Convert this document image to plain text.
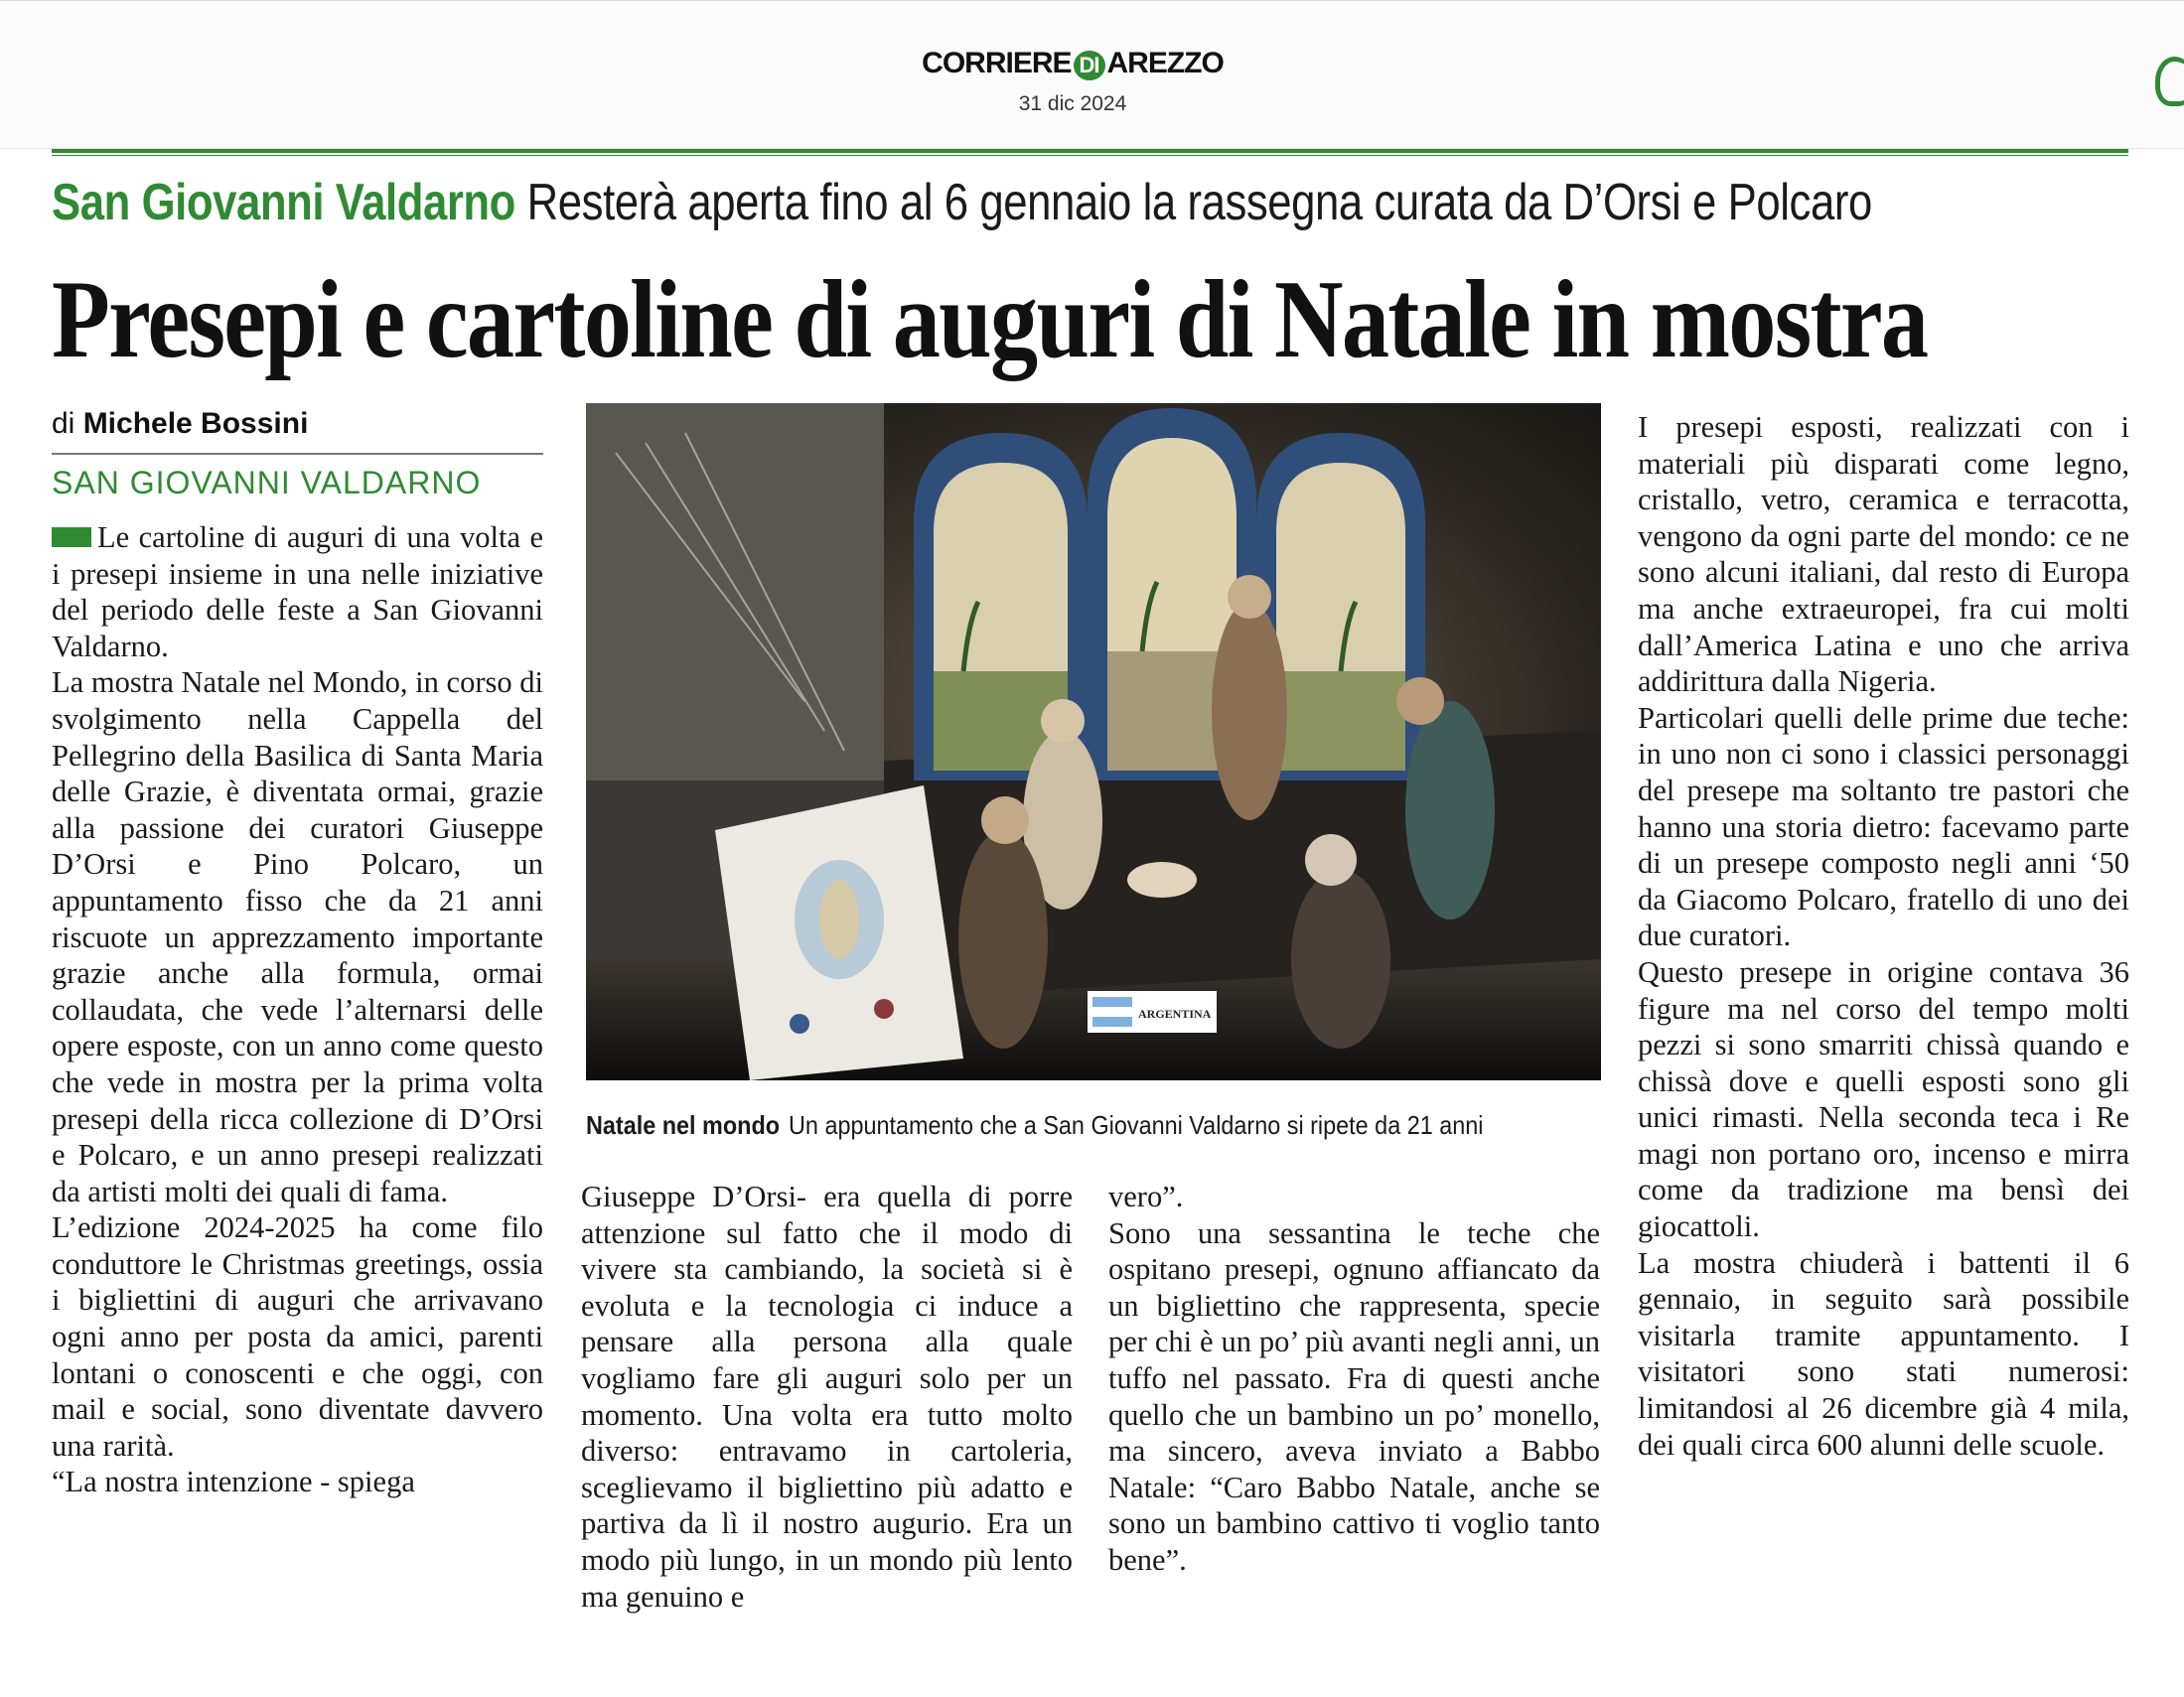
CORRIERE DI AREZZO
31 dic 2024
San Giovanni Valdarno Resterà aperta fino al 6 gennaio la rassegna curata da D’Orsi e Polcaro
Presepi e cartoline di auguri di Natale in mostra
di Michele Bossini
SAN GIOVANNI VALDARNO

Le cartoline di auguri di una volta e i presepi insieme in una nelle iniziative del periodo delle feste a San Giovanni Valdarno.

La mostra Natale nel Mondo, in corso di svolgimento nella Cappella del Pellegrino della Basilica di Santa Maria delle Grazie, è diventata ormai, grazie alla passione dei curatori Giuseppe D’Orsi e Pino Polcaro, un appuntamento fisso che da 21 anni riscuote un apprezzamento importante grazie anche alla formula, ormai collaudata, che vede l’alternarsi delle opere esposte, con un anno come questo che vede in mostra per la prima volta presepi della ricca collezione di D’Orsi e Polcaro, e un anno presepi realizzati da artisti molti dei quali di fama.

L’edizione 2024-2025 ha come filo conduttore le Christmas greetings, ossia i bigliettini di auguri che arrivavano ogni anno per posta da amici, parenti lontani o conoscenti e che oggi, con mail e social, sono diventate davvero una rarità.

“La nostra intenzione - spiega

ARGENTINA
Natale nel mondo Un appuntamento che a San Giovanni Valdarno si ripete da 21 anni

Giuseppe D’Orsi- era quella di porre attenzione sul fatto che il modo di vivere sta cambiando, la società si è evoluta e la tecnologia ci induce a pensare alla persona alla quale vogliamo fare gli auguri solo per un momento. Una volta era tutto molto diverso: entravamo in cartoleria, sceglievamo il bigliettino più adatto e partiva da lì il nostro augurio. Era un modo più lungo, in un mondo più lento ma genuino e

vero”.

Sono una sessantina le teche che ospitano presepi, ognuno affiancato da un bigliettino che rappresenta, specie per chi è un po’ più avanti negli anni, un tuffo nel passato. Fra di questi anche quello che un bambino un po’ monello, ma sincero, aveva inviato a Babbo Natale: “Caro Babbo Natale, anche se sono un bambino cattivo ti voglio tanto bene”.

I presepi esposti, realizzati con i materiali più disparati come legno, cristallo, vetro, ceramica e terracotta, vengono da ogni parte del mondo: ce ne sono alcuni italiani, dal resto di Europa ma anche extraeuropei, fra cui molti dall’America Latina e uno che arriva addirittura dalla Nigeria.

Particolari quelli delle prime due teche: in uno non ci sono i classici personaggi del presepe ma soltanto tre pastori che hanno una storia dietro: facevamo parte di un presepe composto negli anni ‘50 da Giacomo Polcaro, fratello di uno dei due curatori.

Questo presepe in origine contava 36 figure ma nel corso del tempo molti pezzi si sono smarriti chissà quando e chissà dove e quelli esposti sono gli unici rimasti. Nella seconda teca i Re magi non portano oro, incenso e mirra come da tradizione ma bensì dei giocattoli.

La mostra chiuderà i battenti il 6 gennaio, in seguito sarà possibile visitarla tramite appuntamento. I visitatori sono stati numerosi: limitandosi al 26 dicembre già 4 mila, dei quali circa 600 alunni delle scuole.
